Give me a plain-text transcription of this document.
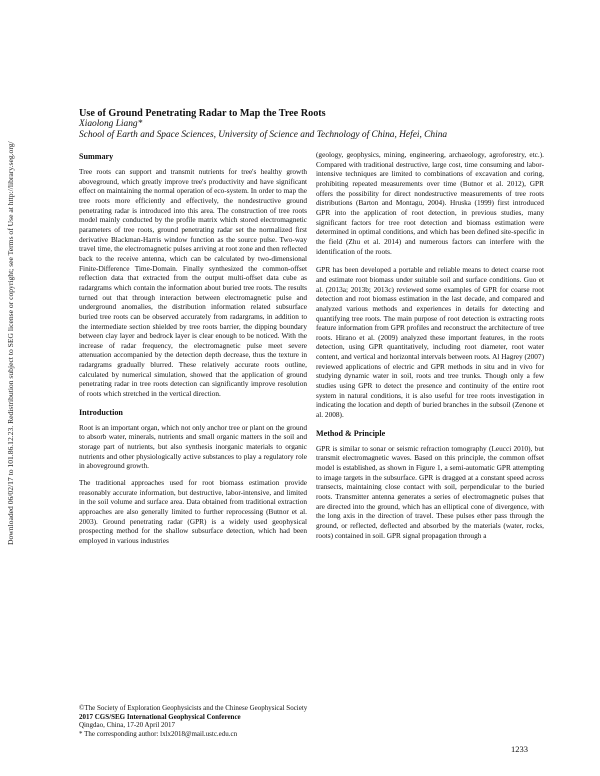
Downloaded 06/02/17 to 101.86.12.23. Redistribution subject to SEG license or copyright; see Terms of Use at http://library.seg.org/
Use of Ground Penetrating Radar to Map the Tree Roots
Xiaolong Liang*
School of Earth and Space Sciences, University of Science and Technology of China, Hefei, China
Summary

Tree roots can support and transmit nutrients for tree's healthy growth aboveground, which greatly improve tree's productivity and have significant effect on maintaining the normal operation of eco-system. In order to map the tree roots more efficiently and effectively, the nondestructive ground penetrating radar is introduced into this area. The construction of tree roots model mainly conducted by the profile matrix which stored electromagnetic parameters of tree roots, ground penetrating radar set the normalized first derivative Blackman-Harris window function as the source pulse. Two-way travel time, the electromagnetic pulses arriving at root zone and then reflected back to the receive antenna, which can be calculated by two-dimensional Finite-Difference Time-Domain. Finally synthesized the common-offset reflection data that extracted from the output multi-offset data cube as radargrams which contain the information about buried tree roots. The results turned out that through interaction between electromagnetic pulse and underground anomalies, the distribution information related subsurface buried tree roots can be observed accurately from radargrams, in addition to the intermediate section shielded by tree roots barrier, the dipping boundary between clay layer and bedrock layer is clear enough to be noticed. With the increase of radar frequency, the electromagnetic pulse meet severe attenuation accompanied by the detection depth decrease, thus the texture in radargrams gradually blurred. These relatively accurate roots outline, calculated by numerical simulation, showed that the application of ground penetrating radar in tree roots detection can significantly improve resolution of roots which stretched in the vertical direction.

Introduction

Root is an important organ, which not only anchor tree or plant on the ground to absorb water, minerals, nutrients and small organic matters in the soil and storage part of nutrients, but also synthesis inorganic materials to organic nutrients and other physiologically active substances to play a regulatory role in aboveground growth.

The traditional approaches used for root biomass estimation provide reasonably accurate information, but destructive, labor-intensive, and limited in the soil volume and surface area. Data obtained from traditional extraction approaches are also generally limited to further reprocessing (Butnor et al. 2003). Ground penetrating radar (GPR) is a widely used geophysical prospecting method for the shallow subsurface detection, which had been employed in various industries

(geology, geophysics, mining, engineering, archaeology, agroforestry, etc.). Compared with traditional destructive, large cost, time consuming and labor-intensive techniques are limited to combinations of excavation and coring, prohibiting repeated measurements over time (Butnor et al. 2012), GPR offers the possibility for direct nondestructive measurements of tree roots distributions (Barton and Montagu, 2004). Hruska (1999) first introduced GPR into the application of root detection, in previous studies, many significant factors for tree root detection and biomass estimation were determined in optimal conditions, and which has been defined site-specific in the field (Zhu et al. 2014) and numerous factors can interfere with the identification of the roots.

GPR has been developed a portable and reliable means to detect coarse root and estimate root biomass under suitable soil and surface conditions. Guo et al. (2013a; 2013b; 2013c) reviewed some examples of GPR for coarse root detection and root biomass estimation in the last decade, and compared and analyzed various methods and experiences in details for detecting and quantifying tree roots. The main purpose of root detection is extracting roots feature information from GPR profiles and reconstruct the architecture of tree roots. Hirano et al. (2009) analyzed these important features, in the roots detection, using GPR quantitatively, including root diameter, root water content, and vertical and horizontal intervals between roots. Al Hagrey (2007) reviewed applications of electric and GPR methods in situ and in vivo for studying dynamic water in soil, roots and tree trunks. Though only a few studies using GPR to detect the presence and continuity of the entire root system in natural conditions, it is also useful for tree roots investigation in indicating the location and depth of buried branches in the subsoil (Zenone et al. 2008).

Method & Principle

GPR is similar to sonar or seismic refraction tomography (Leucci 2010), but transmit electromagnetic waves. Based on this principle, the common offset model is established, as shown in Figure 1, a semi-automatic GPR attempting to image targets in the subsurface. GPR is dragged at a constant speed across transects, maintaining close contact with soil, perpendicular to the buried roots. Transmitter antenna generates a series of electromagnetic pulses that are directed into the ground, which has an elliptical cone of divergence, with the long axis in the direction of travel. These pulses ether pass through the ground, or reflected, deflected and absorbed by the materials (water, rocks, roots) contained in soil. GPR signal propagation through a

©The Society of Exploration Geophysicists and the Chinese Geophysical Society
2017 CGS/SEG International Geophysical Conference
Qingdao, China, 17-20 April 2017
* The corresponding author: lxlx2018@mail.ustc.edu.cn
1233
